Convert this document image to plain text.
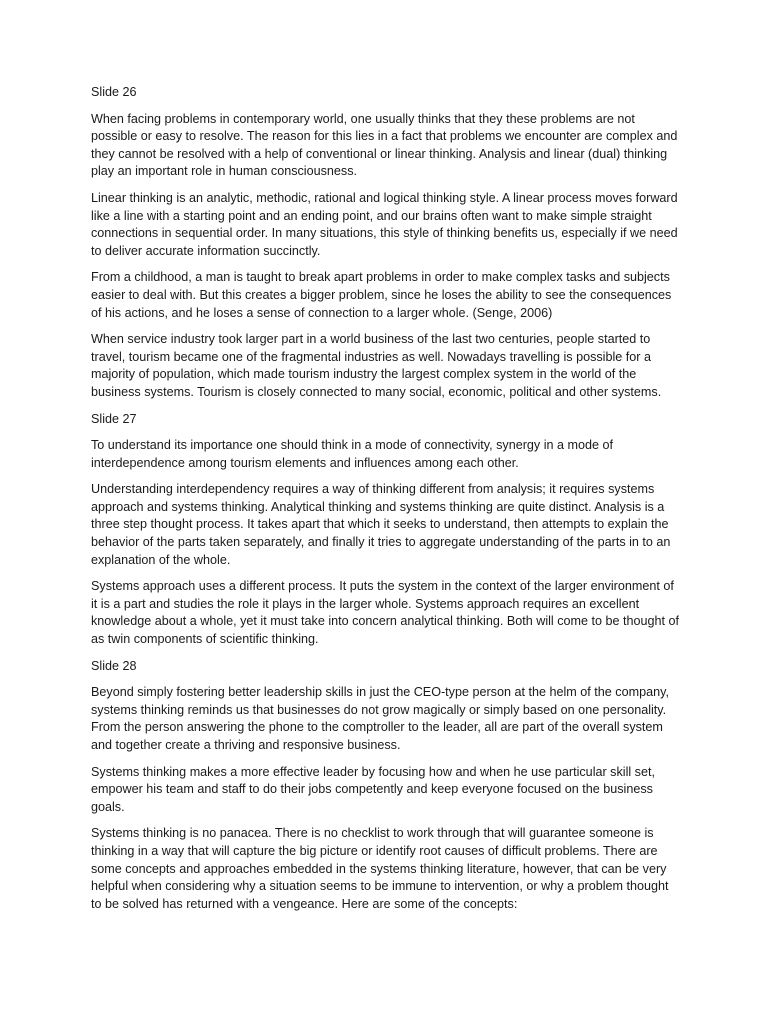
Slide 26

When facing problems in contemporary world, one usually thinks that they these problems are not possible or easy to resolve. The reason for this lies in a fact that problems we encounter are complex and they cannot be resolved with a help of conventional or linear thinking. Analysis and linear (dual) thinking play an important role in human consciousness.

Linear thinking is an analytic, methodic, rational and logical thinking style. A linear process moves forward like a line with a starting point and an ending point, and our brains often want to make simple straight connections in sequential order. In many situations, this style of thinking benefits us, especially if we need to deliver accurate information succinctly.

From a childhood, a man is taught to break apart problems in order to make complex tasks and subjects easier to deal with. But this creates a bigger problem, since he loses the ability to see the consequences of his actions, and he loses a sense of connection to a larger whole. (Senge, 2006)

When service industry took larger part in a world business of the last two centuries, people started to travel, tourism became one of the fragmental industries as well. Nowadays travelling is possible for a majority of population, which made tourism industry the largest complex system in the world of the business systems. Tourism is closely connected to many social, economic, political and other systems.

Slide 27

To understand its importance one should think in a mode of connectivity, synergy in a mode of interdependence among tourism elements and influences among each other.

Understanding interdependency requires a way of thinking different from analysis; it requires systems approach and systems thinking. Analytical thinking and systems thinking are quite distinct. Analysis is a three step thought process. It takes apart that which it seeks to understand, then attempts to explain the behavior of the parts taken separately, and finally it tries to aggregate understanding of the parts in to an explanation of the whole.

Systems approach uses a different process. It puts the system in the context of the larger environment of it is a part and studies the role it plays in the larger whole. Systems approach requires an excellent knowledge about a whole, yet it must take into concern analytical thinking. Both will come to be thought of as twin components of scientific thinking.

Slide 28

Beyond simply fostering better leadership skills in just the CEO-type person at the helm of the company, systems thinking reminds us that businesses do not grow magically or simply based on one personality. From the person answering the phone to the comptroller to the leader, all are part of the overall system and together create a thriving and responsive business.

Systems thinking makes a more effective leader by focusing how and when he use particular skill set, empower his team and staff to do their jobs competently and keep everyone focused on the business goals.

Systems thinking is no panacea. There is no checklist to work through that will guarantee someone is thinking in a way that will capture the big picture or identify root causes of difficult problems. There are some concepts and approaches embedded in the systems thinking literature, however, that can be very helpful when considering why a situation seems to be immune to intervention, or why a problem thought to be solved has returned with a vengeance. Here are some of the concepts:
